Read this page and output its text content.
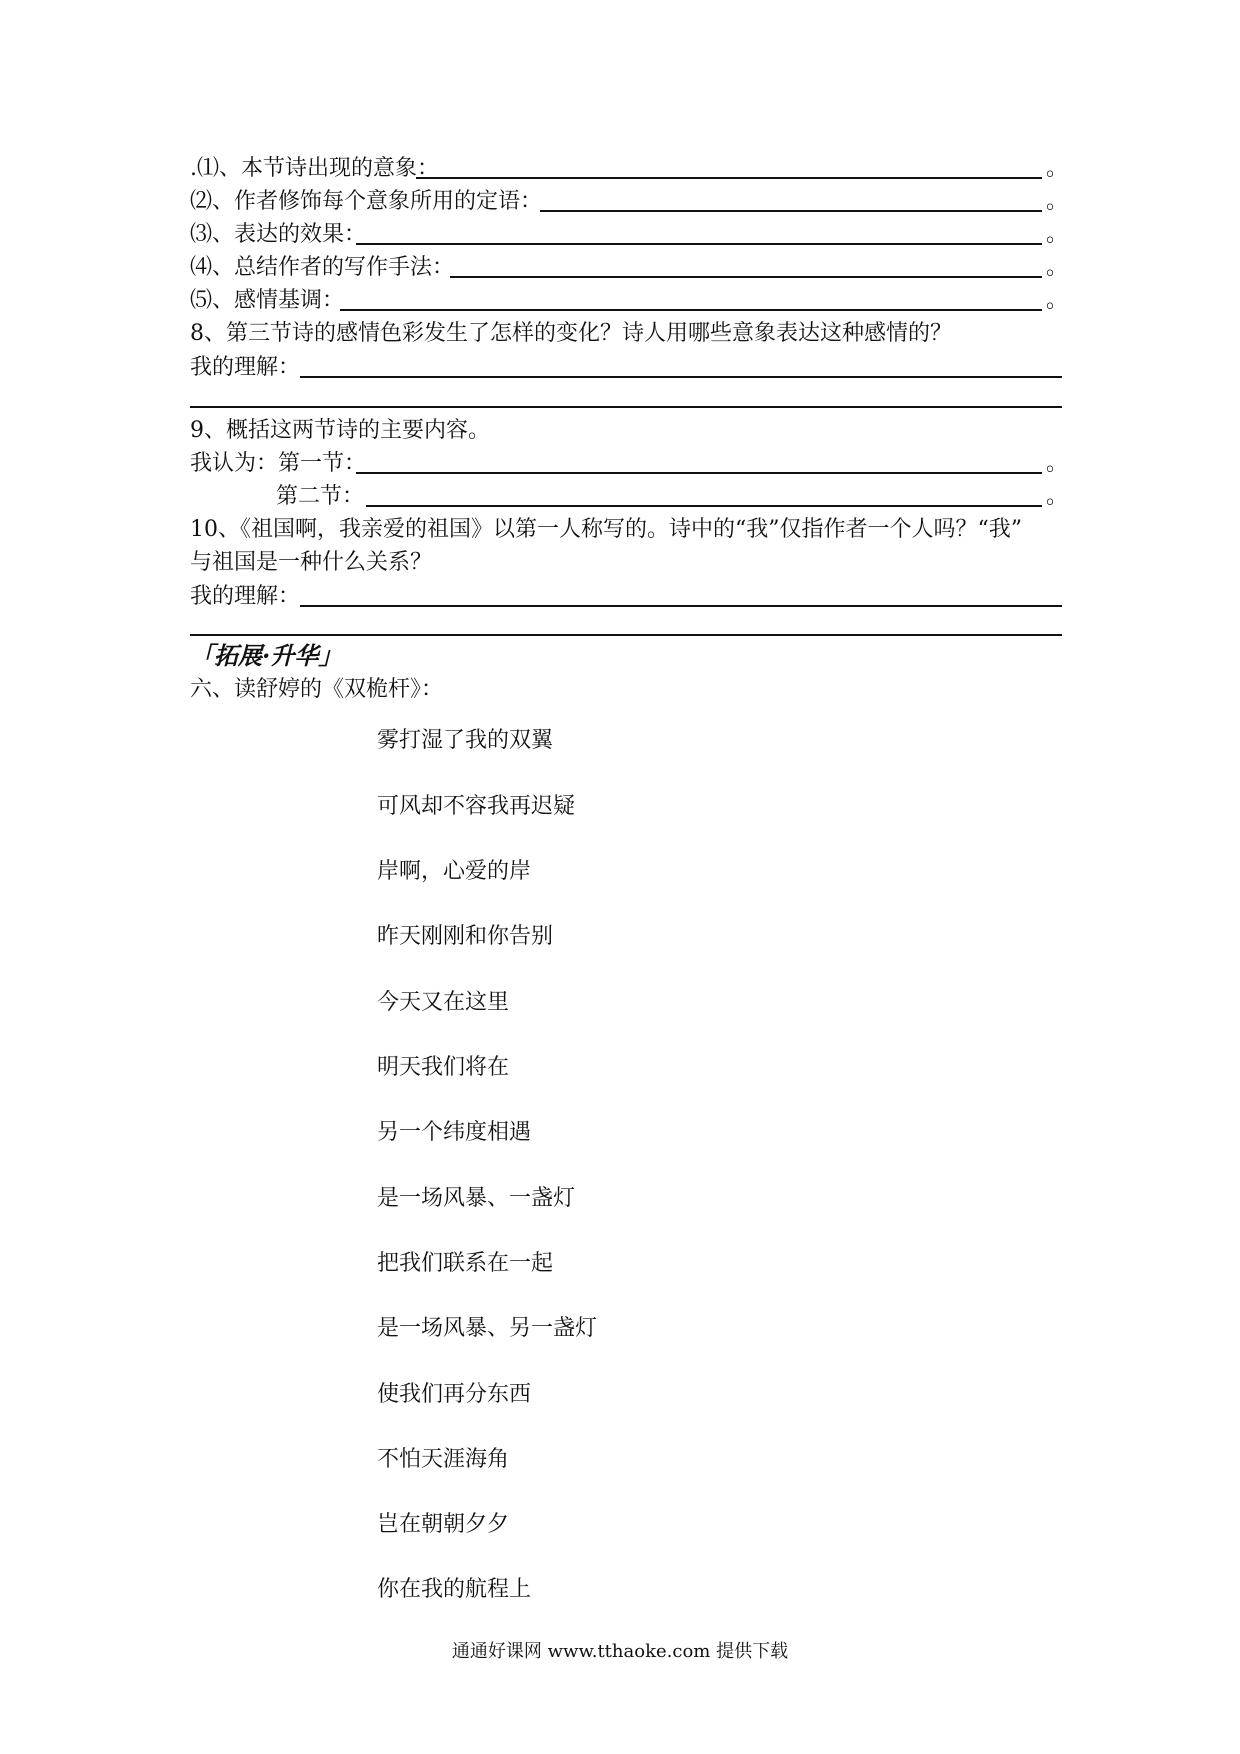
.⑴、本节诗出现的意象：	。
⑵、作者修饰每个意象所用的定语：	。
⑶、表达的效果：	。
⑷、总结作者的写作手法：	。
⑸、感情基调：	。
8、第三节诗的感情色彩发生了怎样的变化？诗人用哪些意象表达这种感情的？
我的理解：
9、概括这两节诗的主要内容。
我认为：第一节：	。
第二节：	。
10、《祖国啊，我亲爱的祖国》以第一人称写的。诗中的“我”仅指作者一个人吗？“我”
与祖国是一种什么关系？
我的理解：
「拓展·升华」
六、读舒婷的《双桅杆》：
雾打湿了我的双翼
可风却不容我再迟疑
岸啊，心爱的岸
昨天刚刚和你告别
今天又在这里
明天我们将在
另一个纬度相遇
是一场风暴、一盏灯
把我们联系在一起
是一场风暴、另一盏灯
使我们再分东西
不怕天涯海角
岂在朝朝夕夕
你在我的航程上
通通好课网 www.tthaoke.com 提供下载
